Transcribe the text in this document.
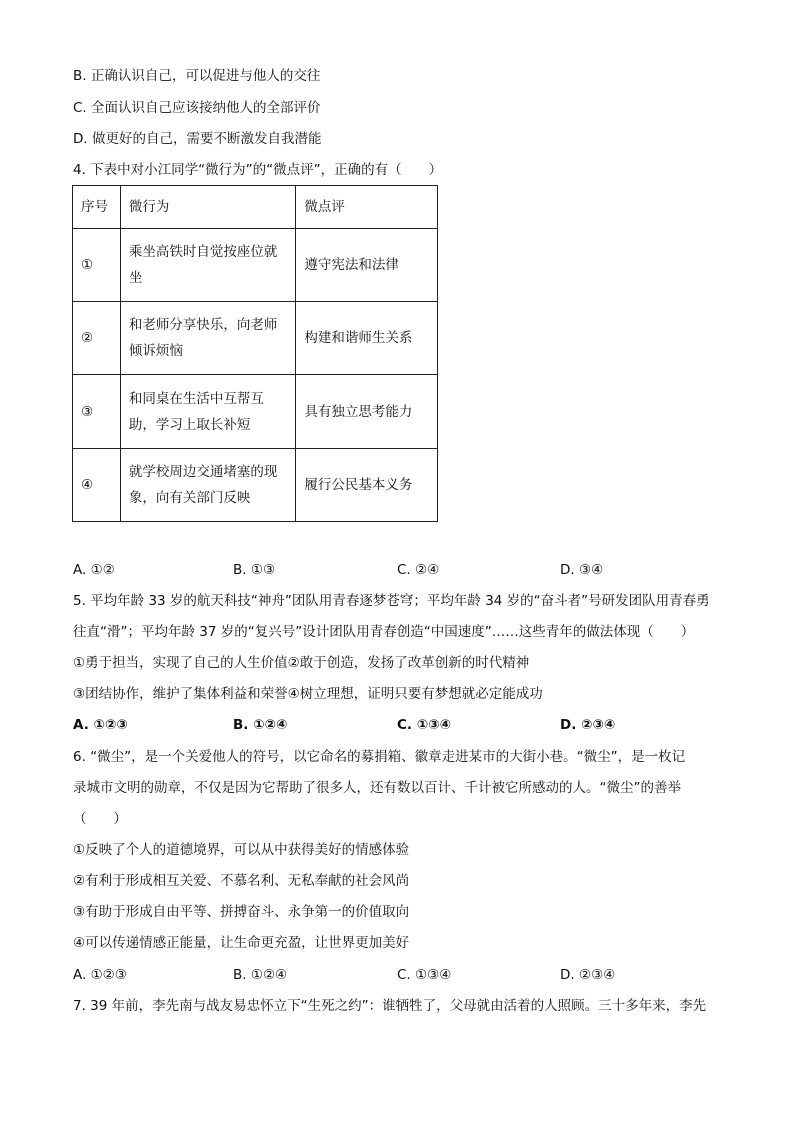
B. 正确认识自己，可以促进与他人的交往
C. 全面认识自己应该接纳他人的全部评价
D. 做更好的自己，需要不断激发自我潜能
4. 下表中对小江同学“微行为”的“微点评”，正确的有（　　）
序号	微行为	微点评
①	乘坐高铁时自觉按座位就坐	遵守宪法和法律
②	和老师分享快乐，向老师倾诉烦恼	构建和谐师生关系
③	和同桌在生活中互帮互助，学习上取长补短	具有独立思考能力
④	就学校周边交通堵塞的现象，向有关部门反映	履行公民基本义务
A. ①②	B. ①③	C. ②④	D. ③④
5. 平均年龄 33 岁的航天科技“神舟”团队用青春逐梦苍穹；平均年龄 34 岁的“奋斗者”号研发团队用青春勇
往直“滑”；平均年龄 37 岁的“复兴号”设计团队用青春创造“中国速度”……这些青年的做法体现（　　）
①勇于担当，实现了自己的人生价值②敢于创造，发扬了改革创新的时代精神
③团结协作，维护了集体利益和荣誉④树立理想，证明只要有梦想就必定能成功
A. ①②③	B. ①②④	C. ①③④	D. ②③④
6. “微尘”，是一个关爱他人的符号，以它命名的募捐箱、徽章走进某市的大街小巷。“微尘”，是一枚记
录城市文明的勋章，不仅是因为它帮助了很多人，还有数以百计、千计被它所感动的人。“微尘”的善举
（　　）
①反映了个人的道德境界，可以从中获得美好的情感体验
②有利于形成相互关爱、不慕名利、无私奉献的社会风尚
③有助于形成自由平等、拼搏奋斗、永争第一的价值取向
④可以传递情感正能量，让生命更充盈，让世界更加美好
A. ①②③	B. ①②④	C. ①③④	D. ②③④
7. 39 年前，李先南与战友易忠怀立下“生死之约”：谁牺牲了，父母就由活着的人照顾。三十多年来，李先
